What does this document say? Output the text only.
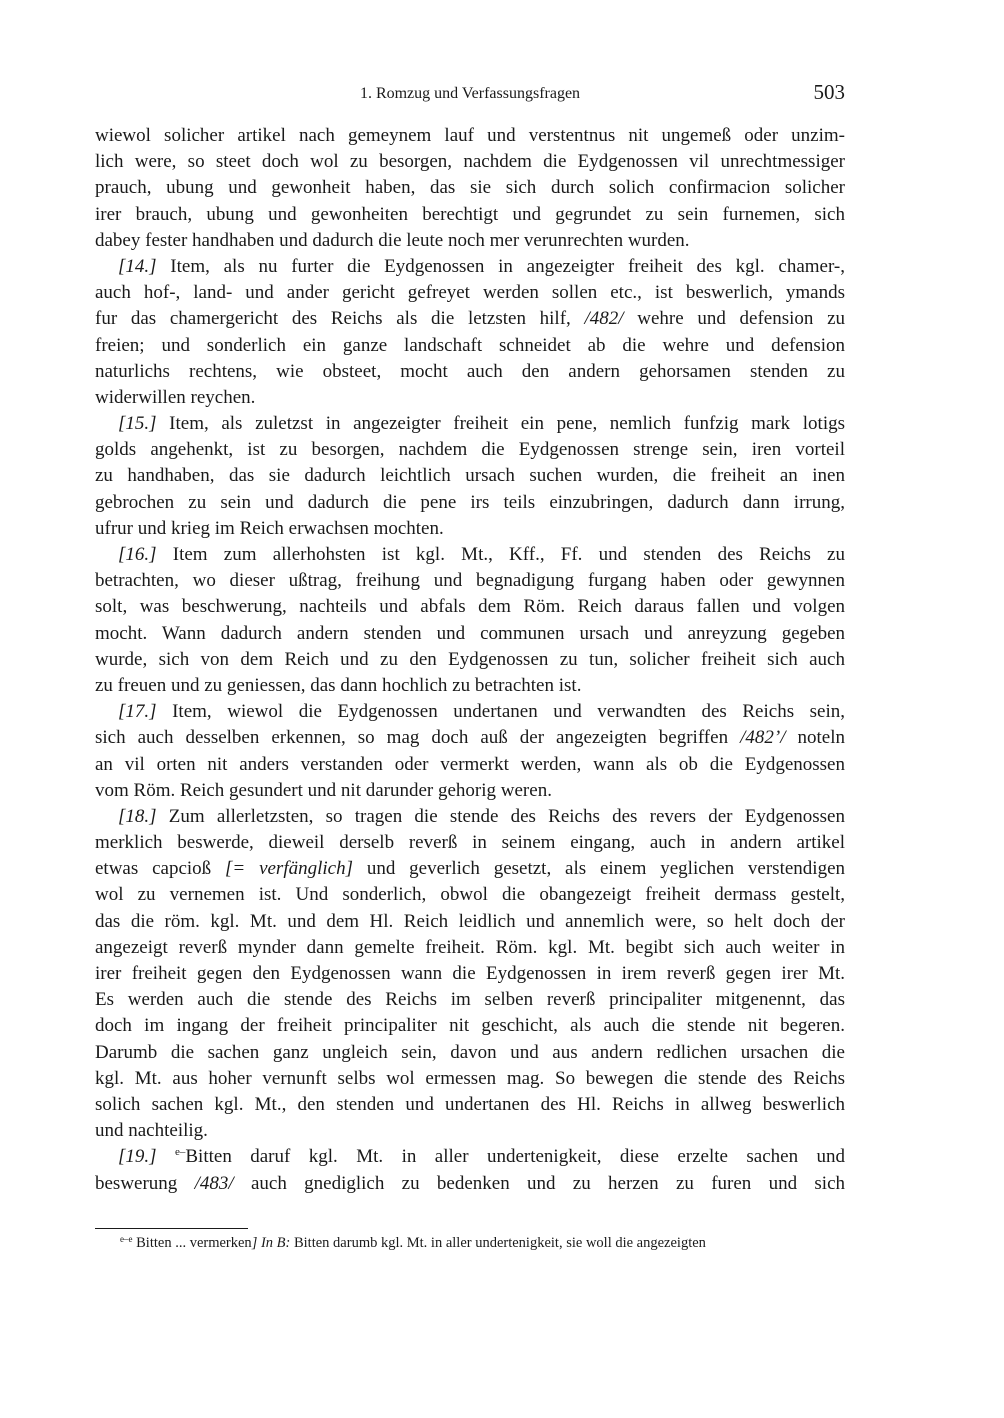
1. Romzug und Verfassungsfragen	503
wiewol solicher artikel nach gemeynem lauf und verstentnus nit ungemeß oder unzim-
lich were, so steet doch wol zu besorgen, nachdem die Eydgenossen vil unrechtmessiger
prauch, ubung und gewonheit haben, das sie sich durch solich confirmacion solicher
irer brauch, ubung und gewonheiten berechtigt und gegrundet zu sein furnemen, sich
dabey fester handhaben und dadurch die leute noch mer verunrechten wurden.
[14.] Item, als nu furter die Eydgenossen in angezeigter freiheit des kgl. chamer-,
auch hof-, land- und ander gericht gefreyet werden sollen etc., ist beswerlich, ymands
fur das chamergericht des Reichs als die letzsten hilf, /482/ wehre und defension zu
freien; und sonderlich ein ganze landschaft schneidet ab die wehre und defension
naturlichs rechtens, wie obsteet, mocht auch den andern gehorsamen stenden zu
widerwillen reychen.
[15.] Item, als zuletzst in angezeigter freiheit ein pene, nemlich funfzig mark lotigs
golds angehenkt, ist zu besorgen, nachdem die Eydgenossen strenge sein, iren vorteil
zu handhaben, das sie dadurch leichtlich ursach suchen wurden, die freiheit an inen
gebrochen zu sein und dadurch die pene irs teils einzubringen, dadurch dann irrung,
ufrur und krieg im Reich erwachsen mochten.
[16.] Item zum allerhohsten ist kgl. Mt., Kff., Ff. und stenden des Reichs zu
betrachten, wo dieser ußtrag, freihung und begnadigung furgang haben oder gewynnen
solt, was beschwerung, nachteils und abfals dem Röm. Reich daraus fallen und volgen
mocht. Wann dadurch andern stenden und communen ursach und anreyzung gegeben
wurde, sich von dem Reich und zu den Eydgenossen zu tun, solicher freiheit sich auch
zu freuen und zu geniessen, das dann hochlich zu betrachten ist.
[17.] Item, wiewol die Eydgenossen undertanen und verwandten des Reichs sein,
sich auch desselben erkennen, so mag doch auß der angezeigten begriffen /482’/ noteln
an vil orten nit anders verstanden oder vermerkt werden, wann als ob die Eydgenossen
vom Röm. Reich gesundert und nit darunder gehorig weren.
[18.] Zum allerletzsten, so tragen die stende des Reichs des revers der Eydgenossen
merklich beswerde, dieweil derselb reverß in seinem eingang, auch in andern artikel
etwas capcioß [= verfänglich] und geverlich gesetzt, als einem yeglichen verstendigen
wol zu vernemen ist. Und sonderlich, obwol die obangezeigt freiheit dermass gestelt,
das die röm. kgl. Mt. und dem Hl. Reich leidlich und annemlich were, so helt doch der
angezeigt reverß mynder dann gemelte freiheit. Röm. kgl. Mt. begibt sich auch weiter in
irer freiheit gegen den Eydgenossen wann die Eydgenossen in irem reverß gegen irer Mt.
Es werden auch die stende des Reichs im selben reverß principaliter mitgenennt, das
doch im ingang der freiheit principaliter nit geschicht, als auch die stende nit begeren.
Darumb die sachen ganz ungleich sein, davon und aus andern redlichen ursachen die
kgl. Mt. aus hoher vernunft selbs wol ermessen mag. So bewegen die stende des Reichs
solich sachen kgl. Mt., den stenden und undertanen des Hl. Reichs in allweg beswerlich
und nachteilig.
[19.] $^{e-}$Bitten daruf kgl. Mt. in aller undertenigkeit, diese erzelte sachen und
beswerung /483/ auch gnediglich zu bedenken und zu herzen zu furen und sich
$^{e-e}$ Bitten ... vermerken] In B: Bitten darumb kgl. Mt. in aller undertenigkeit, sie woll die angezeigten
